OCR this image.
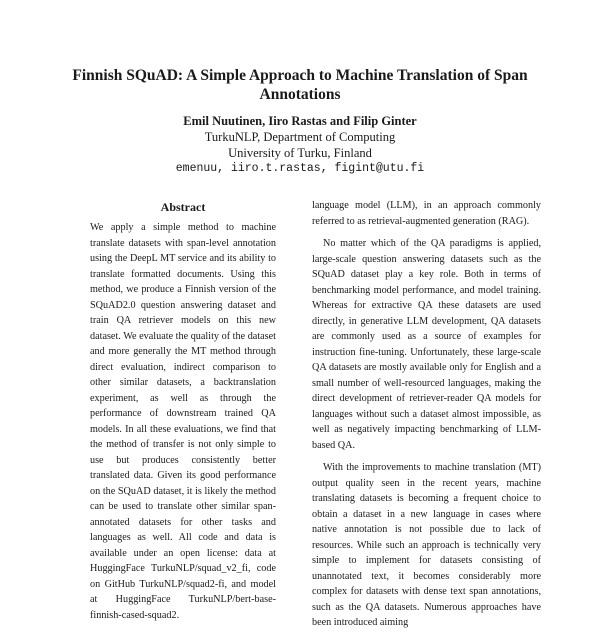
Finnish SQuAD: A Simple Approach to Machine Translation of Span Annotations
Emil Nuutinen, Iiro Rastas and Filip Ginter
TurkuNLP, Department of Computing
University of Turku, Finland
emenuu, iiro.t.rastas, figint@utu.fi
Abstract

We apply a simple method to machine translate datasets with span-level annotation using the DeepL MT service and its ability to translate formatted documents. Using this method, we produce a Finnish version of the SQuAD2.0 question answering dataset and train QA retriever models on this new dataset. We evaluate the quality of the dataset and more generally the MT method through direct evaluation, indirect comparison to other similar datasets, a backtranslation experiment, as well as through the performance of downstream trained QA models. In all these evaluations, we find that the method of transfer is not only simple to use but produces consistently better translated data. Given its good performance on the SQuAD dataset, it is likely the method can be used to translate other similar span-annotated datasets for other tasks and languages as well. All code and data is available under an open license: data at HuggingFace TurkuNLP/squad_v2_fi, code on GitHub TurkuNLP/squad2-fi, and model at HuggingFace TurkuNLP/bert-base-finnish-cased-squad2.

language model (LLM), in an approach commonly referred to as retrieval-augmented generation (RAG).

No matter which of the QA paradigms is applied, large-scale question answering datasets such as the SQuAD dataset play a key role. Both in terms of benchmarking model performance, and model training. Whereas for extractive QA these datasets are used directly, in generative LLM development, QA datasets are commonly used as a source of examples for instruction fine-tuning. Unfortunately, these large-scale QA datasets are mostly available only for English and a small number of well-resourced languages, making the direct development of retriever-reader QA models for languages without such a dataset almost impossible, as well as negatively impacting benchmarking of LLM-based QA.

With the improvements to machine translation (MT) output quality seen in the recent years, machine translating datasets is becoming a frequent choice to obtain a dataset in a new language in cases where native annotation is not possible due to lack of resources. While such an approach is technically very simple to implement for datasets consisting of unannotated text, it becomes considerably more complex for datasets with dense text span annotations, such as the QA datasets. Numerous approaches have been introduced aiming
